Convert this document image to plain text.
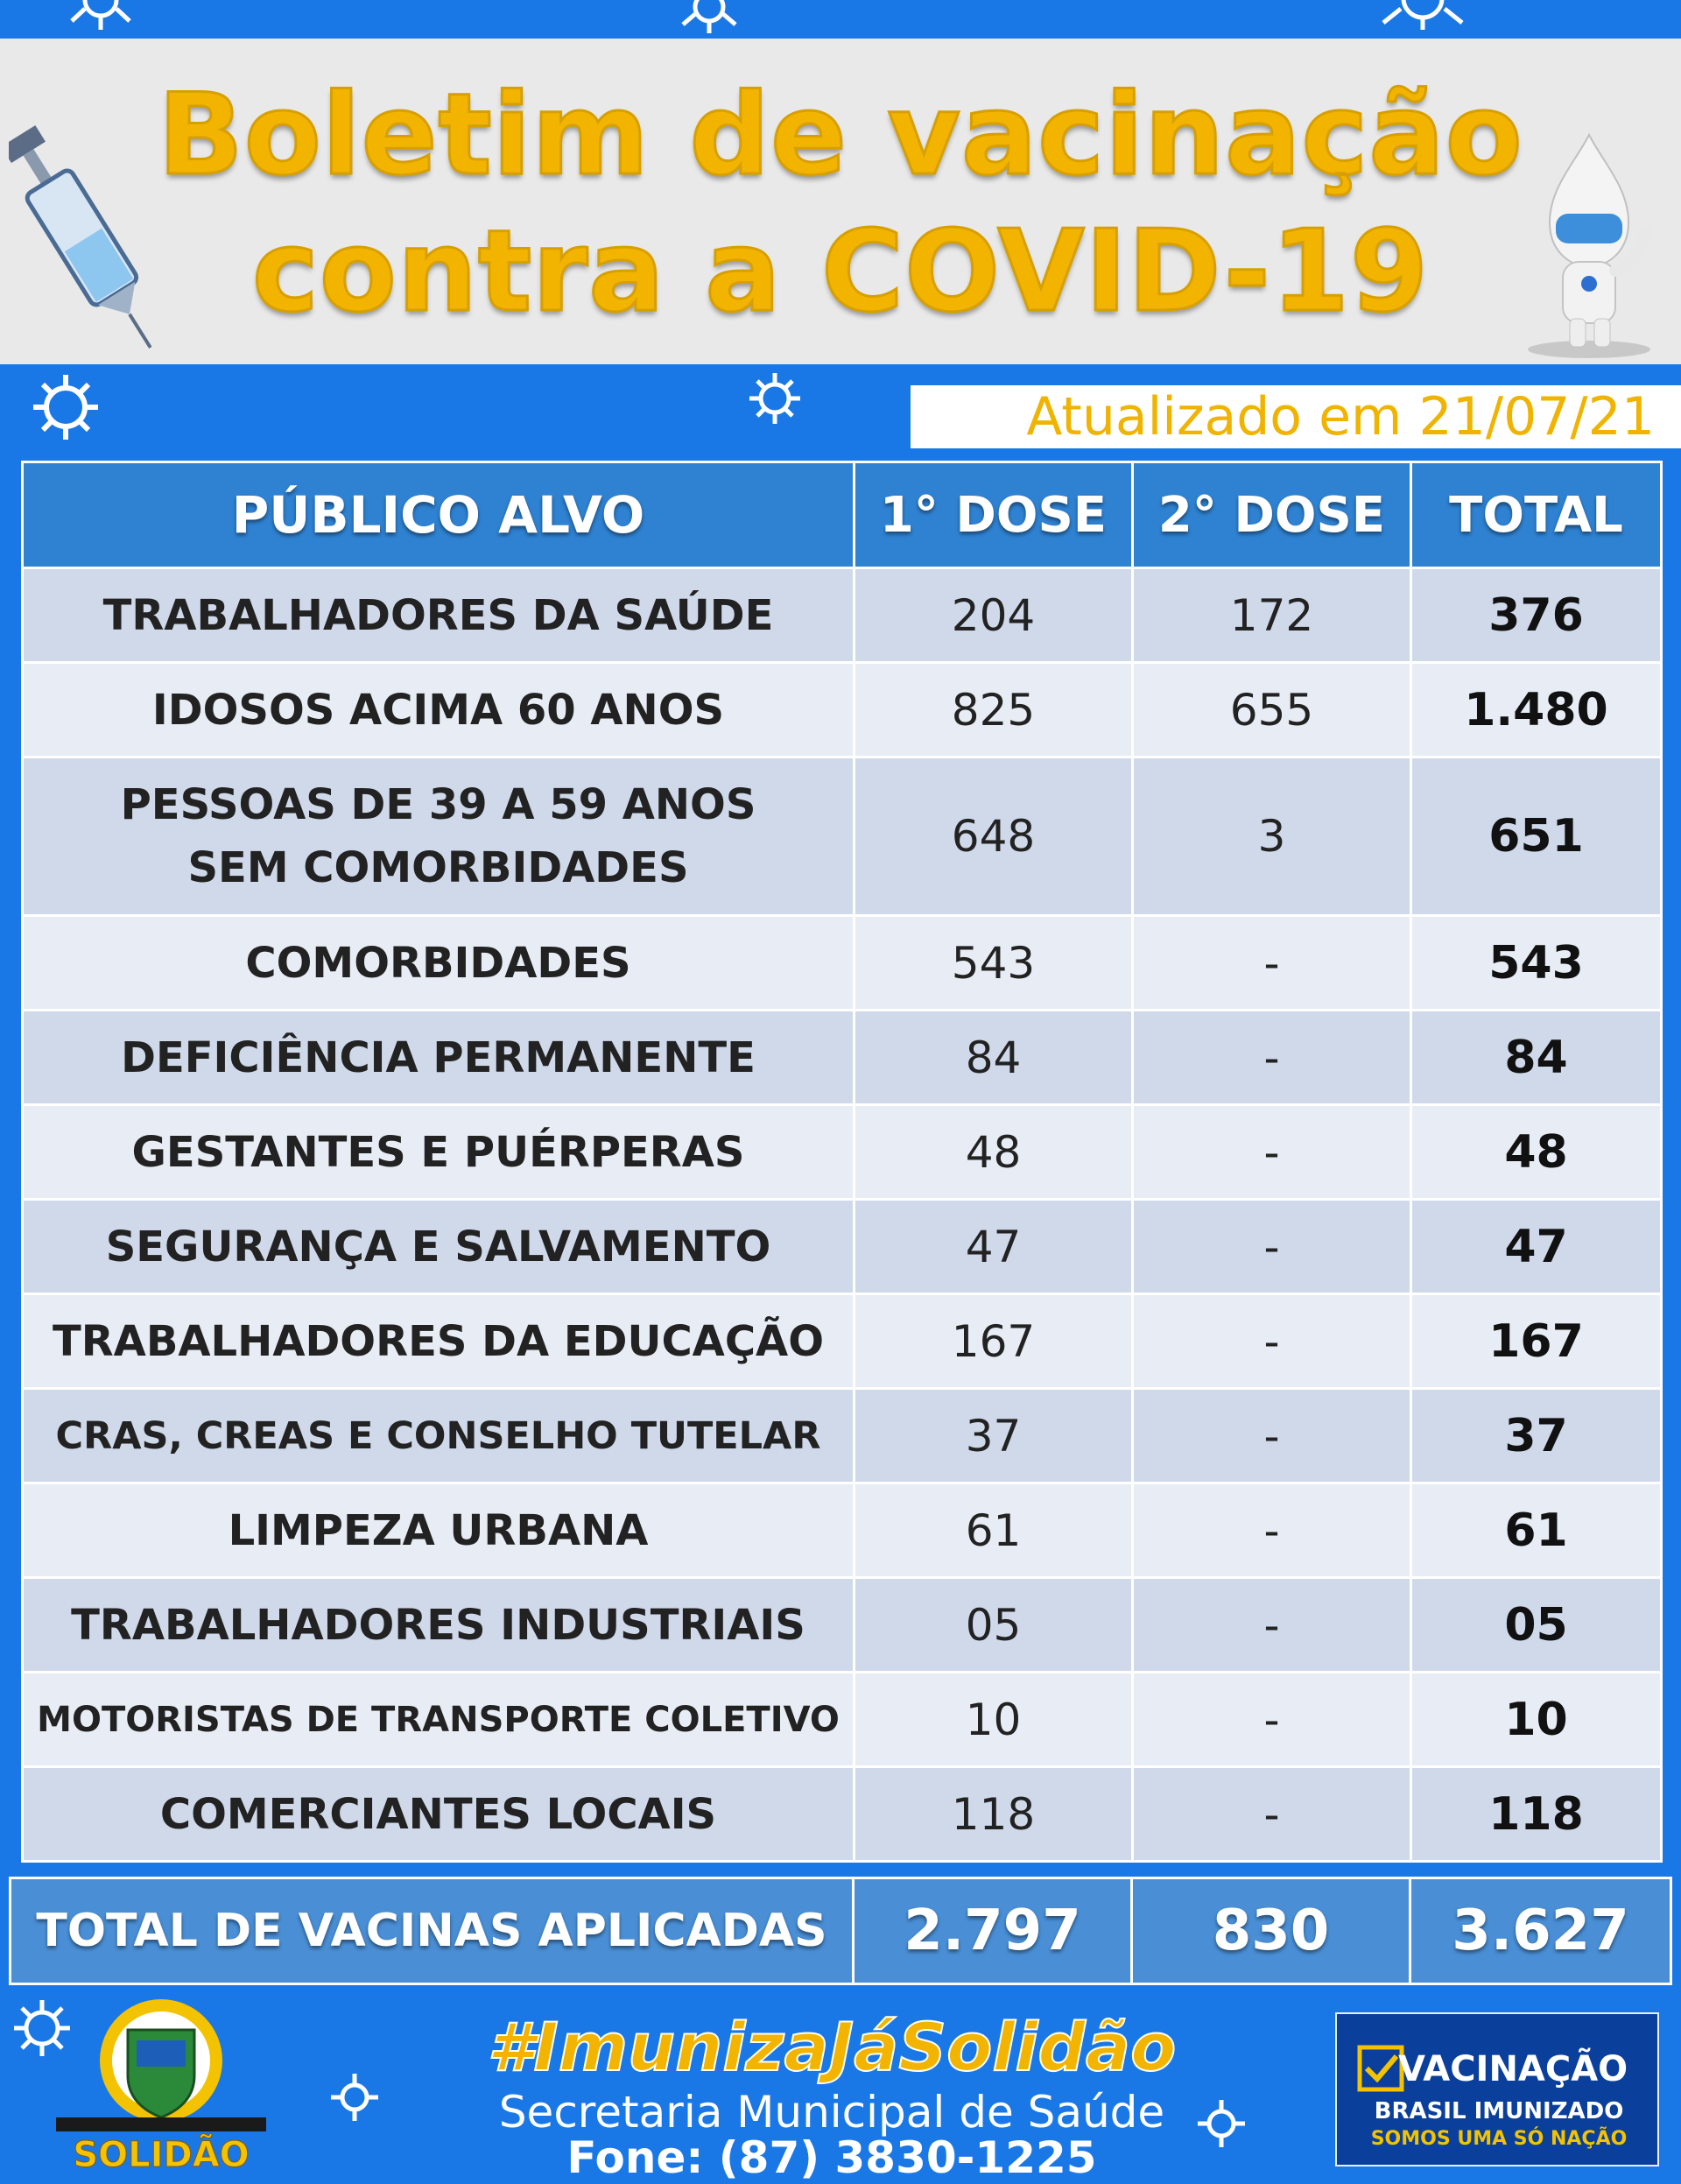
Boletim de vacinação
contra a COVID-19
Atualizado em 21/07/21
PÚBLICO ALVO	1° DOSE	2° DOSE	TOTAL
TRABALHADORES DA SAÚDE	204	172	376
IDOSOS ACIMA 60 ANOS	825	655	1.480

PESSOAS DE 39 A 59 ANOS
SEM COMORBIDADES	648	3	651
COMORBIDADES	543	-	543
DEFICIÊNCIA PERMANENTE	84	-	84
GESTANTES E PUÉRPERAS	48	-	48
SEGURANÇA E SALVAMENTO	47	-	47
TRABALHADORES DA EDUCAÇÃO	167	-	167
CRAS, CREAS E CONSELHO TUTELAR	37	-	37
LIMPEZA URBANA	61	-	61
TRABALHADORES INDUSTRIAIS	05	-	05
MOTORISTAS DE TRANSPORTE COLETIVO	10	-	10
COMERCIANTES LOCAIS	118	-	118
TOTAL DE VACINAS APLICADAS	2.797	830	3.627
SOLIDÃO
#ImunizaJáSolidão
Secretaria Municipal de Saúde
Fone: (87) 3830-1225
VACINAÇÃO
BRASIL IMUNIZADO
SOMOS UMA SÓ NAÇÃO
